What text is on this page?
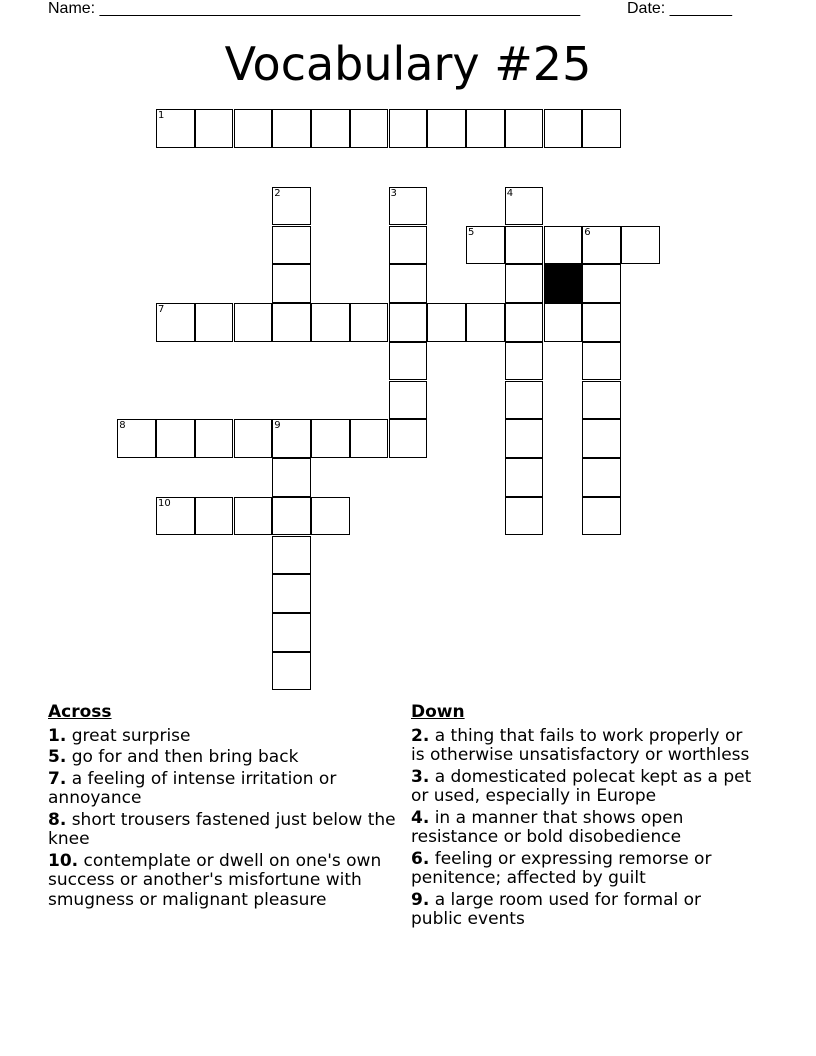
Name: ______________________________________________________	Date: _______
Vocabulary #25
1
2	3	4
5	6
7
8	9
10
Across
1. great surprise
5. go for and then bring back
7. a feeling of intense irritation or annoyance
8. short trousers fastened just below the knee
10. contemplate or dwell on one's own success or another's misfortune with smugness or malignant pleasure
Down
2. a thing that fails to work properly or is otherwise unsatisfactory or worthless
3. a domesticated polecat kept as a pet or used, especially in Europe
4. in a manner that shows open resistance or bold disobedience
6. feeling or expressing remorse or penitence; affected by guilt
9. a large room used for formal or public events
